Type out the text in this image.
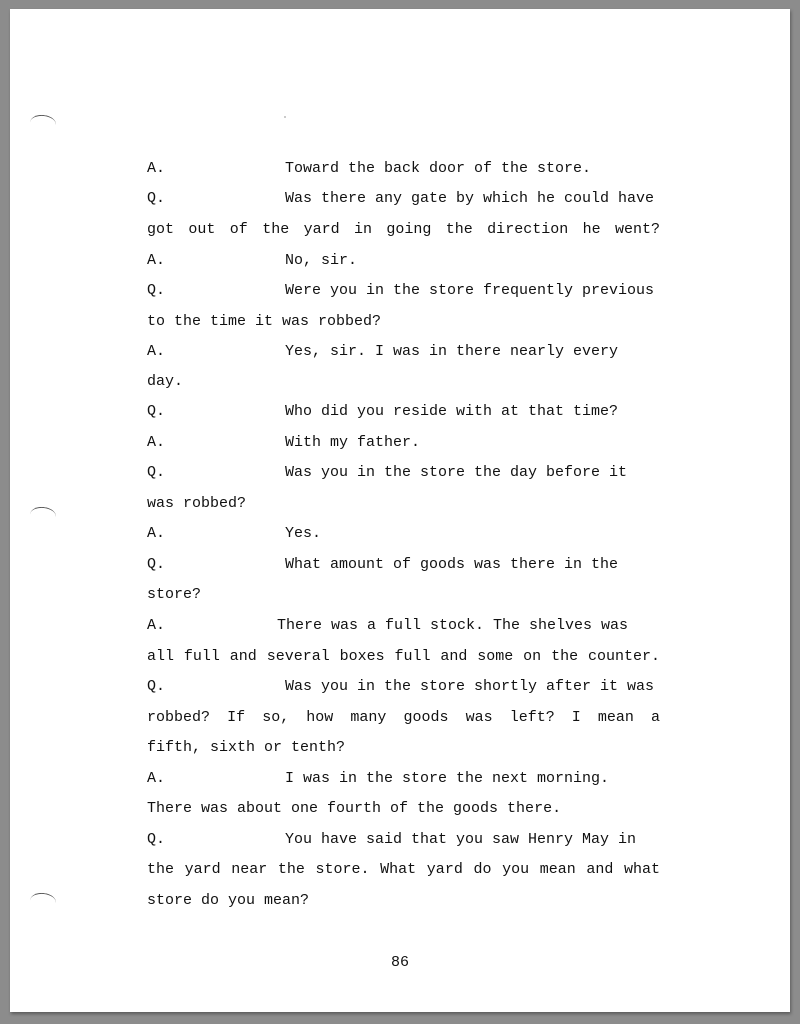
A.	Toward the back door of the store.
Q.	Was there any gate by which he could have
got out of the yard in going the direction he went?
A.	No, sir.
Q.	Were you in the store frequently previous
to the time it was robbed?
A.	Yes, sir. I was in there nearly every
day.
Q.	Who did you reside with at that time?
A.	With my father.
Q.	Was you in the store the day before it
was robbed?
A.	Yes.
Q.	What amount of goods was there in the
store?
A.	There was a full stock. The shelves was
all full and several boxes full and some on the counter.
Q.	Was you in the store shortly after it was
robbed? If so, how many goods was left? I mean a
fifth, sixth or tenth?
A.	I was in the store the next morning.
There was about one fourth of the goods there.
Q.	You have said that you saw Henry May in
the yard near the store. What yard do you mean and what
store do you mean?
86
